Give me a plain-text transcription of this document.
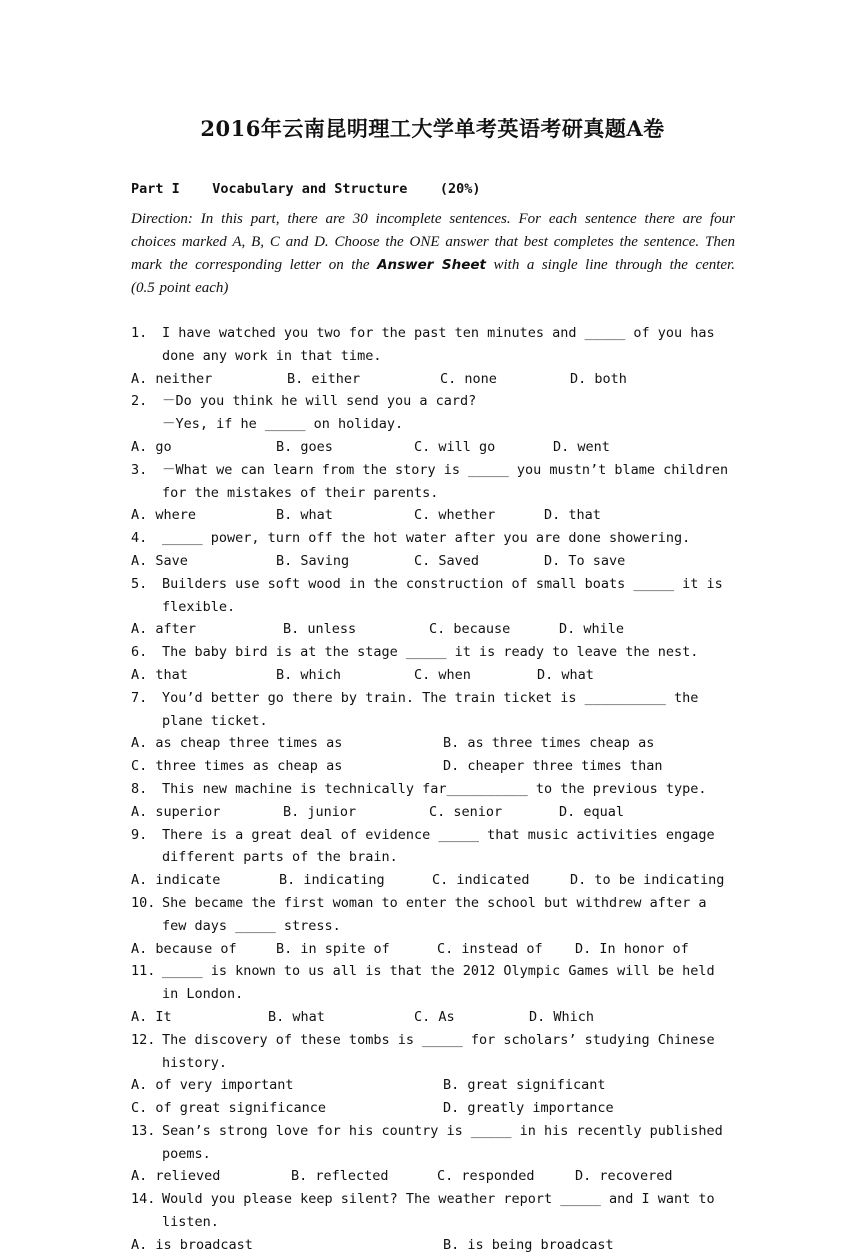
2016年云南昆明理工大学单考英语考研真题A卷
Part I Vocabulary and Structure (20%)
Direction: In this part, there are 30 incomplete sentences. For each sentence there are four choices marked A, B, C and D. Choose the ONE answer that best completes the sentence. Then mark the corresponding letter on the Answer Sheet with a single line through the center.　(0.5 point each)
1. I have watched you two for the past ten minutes and _____ of you has done any work in that time.
A. neither	B. either	C. none	D. both
2. －Do you think he will send you a card?
－Yes, if he _____ on holiday.
A. go	B. goes	C. will go	D. went
3. －What we can learn from the story is _____ you mustn’t blame children for the mistakes of their parents.
A. where	B. what	C. whether	D. that
4. _____ power, turn off the hot water after you are done showering.
A. Save	B. Saving	C. Saved	D. To save
5. Builders use soft wood in the construction of small boats _____ it is flexible.
A. after	B. unless	C. because	D. while
6. The baby bird is at the stage _____ it is ready to leave the nest.
A. that	B. which	C. when	D. what
7. You’d better go there by train. The train ticket is __________ the plane ticket.
A. as cheap three times as	B. as three times cheap as
C. three times as cheap as	D. cheaper three times than
8. This new machine is technically far__________ to the previous type.
A. superior	B. junior	C. senior	D. equal
9. There is a great deal of evidence _____ that music activities engage different parts of the brain.
A. indicate	B. indicating	C. indicated	D. to be indicating
10. She became the first woman to enter the school but withdrew after a few days _____ stress.
A. because of	B. in spite of	C. instead of D. In honor of
11. _____ is known to us all is that the 2012 Olympic Games will be held in London.
A. It	B. what	C. As	D. Which
12. The discovery of these tombs is _____ for scholars’ studying Chinese history.
A. of very important	B. great significant
C. of great significance	D. greatly importance
13. Sean’s strong love for his country is _____ in his recently published poems.
A. relieved	B. reflected	C. responded	D. recovered
14. Would you please keep silent? The weather report _____ and I want to listen.
A. is broadcast	B. is being broadcast
